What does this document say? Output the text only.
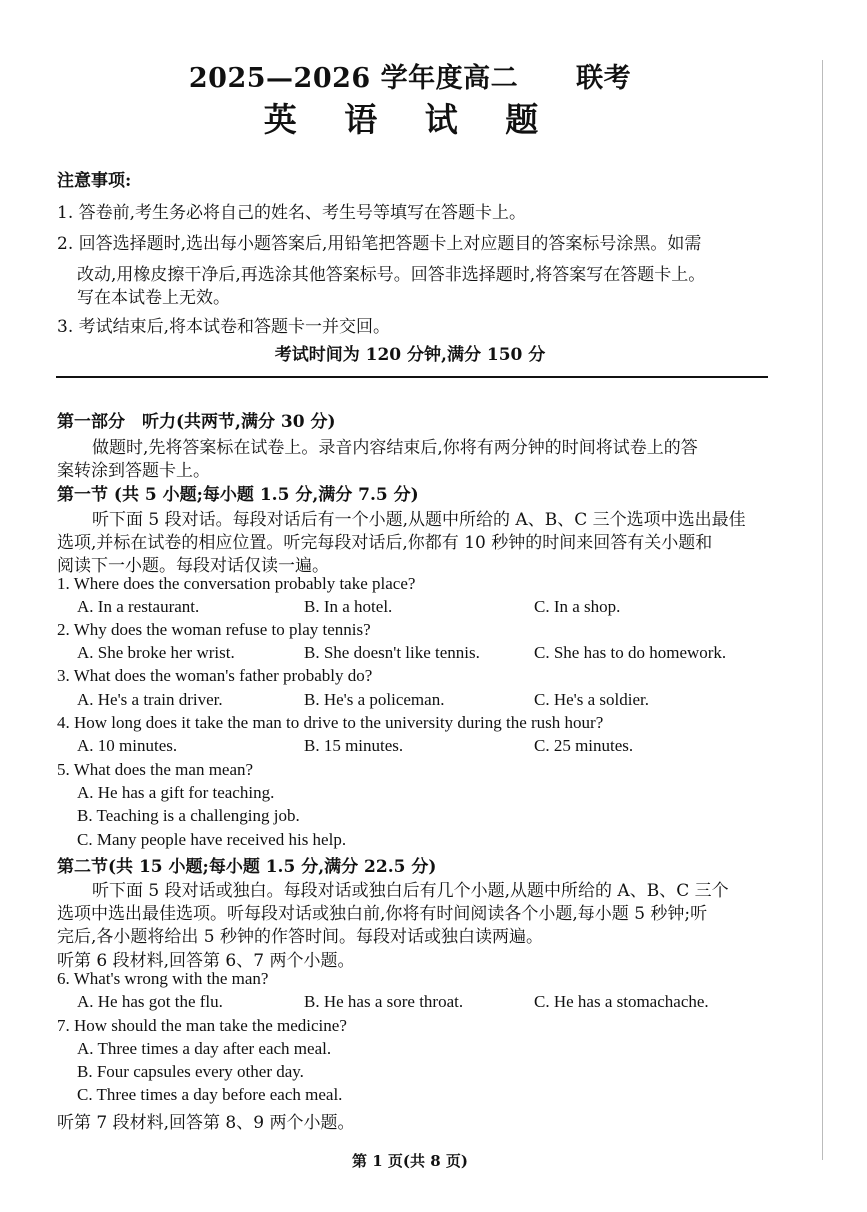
2025—2026 学年度高二 联考
英 语 试 题
注意事项:
1. 答卷前,考生务必将自己的姓名、考生号等填写在答题卡上。
2. 回答选择题时,选出每小题答案后,用铅笔把答题卡上对应题目的答案标号涂黑。如需
改动,用橡皮擦干净后,再选涂其他答案标号。回答非选择题时,将答案写在答题卡上。
写在本试卷上无效。
3. 考试结束后,将本试卷和答题卡一并交回。
考试时间为 120 分钟,满分 150 分
第一部分　听力(共两节,满分 30 分)
做题时,先将答案标在试卷上。录音内容结束后,你将有两分钟的时间将试卷上的答
案转涂到答题卡上。
第一节 (共 5 小题;每小题 1.5 分,满分 7.5 分)
听下面 5 段对话。每段对话后有一个小题,从题中所给的 A、B、C 三个选项中选出最佳
选项,并标在试卷的相应位置。听完每段对话后,你都有 10 秒钟的时间来回答有关小题和
阅读下一小题。每段对话仅读一遍。
1. Where does the conversation probably take place?
A. In a restaurant.	B. In a hotel.	C. In a shop.
2. Why does the woman refuse to play tennis?
A. She broke her wrist.	B. She doesn't like tennis.	C. She has to do homework.
3. What does the woman's father probably do?
A. He's a train driver.	B. He's a policeman.	C. He's a soldier.
4. How long does it take the man to drive to the university during the rush hour?
A. 10 minutes.	B. 15 minutes.	C. 25 minutes.
5. What does the man mean?
A. He has a gift for teaching.
B. Teaching is a challenging job.
C. Many people have received his help.
第二节(共 15 小题;每小题 1.5 分,满分 22.5 分)
听下面 5 段对话或独白。每段对话或独白后有几个小题,从题中所给的 A、B、C 三个
选项中选出最佳选项。听每段对话或独白前,你将有时间阅读各个小题,每小题 5 秒钟;听
完后,各小题将给出 5 秒钟的作答时间。每段对话或独白读两遍。
听第 6 段材料,回答第 6、7 两个小题。
6. What's wrong with the man?
A. He has got the flu.	B. He has a sore throat.	C. He has a stomachache.
7. How should the man take the medicine?
A. Three times a day after each meal.
B. Four capsules every other day.
C. Three times a day before each meal.
听第 7 段材料,回答第 8、9 两个小题。
第 1 页(共 8 页)
